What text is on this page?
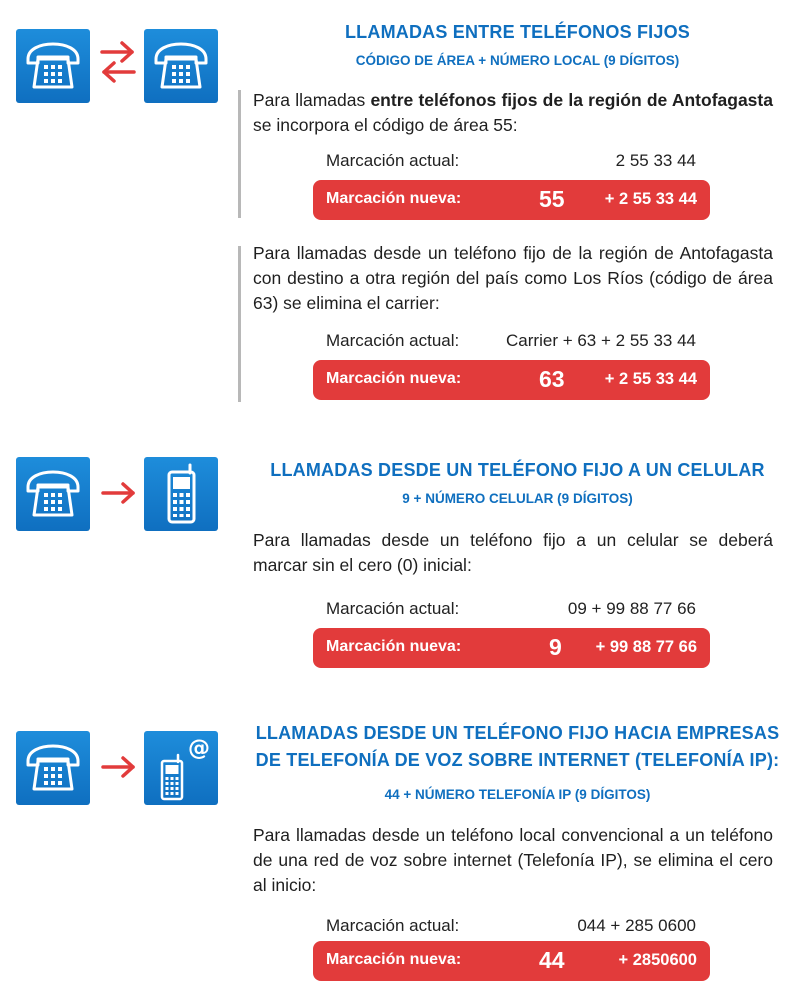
LLAMADAS ENTRE TELÉFONOS FIJOS
CÓDIGO DE ÁREA + NÚMERO LOCAL (9 DÍGITOS)
Para llamadas entre teléfonos fijos de la región de Antofagasta se incorpora el código de área 55:
Marcación actual:	2 55 33 44
Marcación nueva:	55 + 2 55 33 44
Para llamadas desde un teléfono fijo de la región de Antofagasta con destino a otra región del país como Los Ríos (código de área 63) se elimina el carrier:
Marcación actual:	Carrier + 63 + 2 55 33 44
Marcación nueva:	63 + 2 55 33 44
LLAMADAS DESDE UN TELÉFONO FIJO A UN CELULAR
9 + NÚMERO CELULAR (9 DÍGITOS)
Para llamadas desde un teléfono fijo a un celular se deberá marcar sin el cero (0) inicial:
Marcación actual:	09 + 99 88 77 66
Marcación nueva:	9 + 99 88 77 66
@
LLAMADAS DESDE UN TELÉFONO FIJO HACIA EMPRESAS
DE TELEFONÍA DE VOZ SOBRE INTERNET (TELEFONÍA IP):
44 + NÚMERO TELEFONÍA IP (9 DÍGITOS)
Para llamadas desde un teléfono local convencional a un teléfono de una red de voz sobre internet (Telefonía IP), se elimina el cero al inicio:
Marcación actual:	044 + 285 0600
Marcación nueva:	44	+ 2850600
